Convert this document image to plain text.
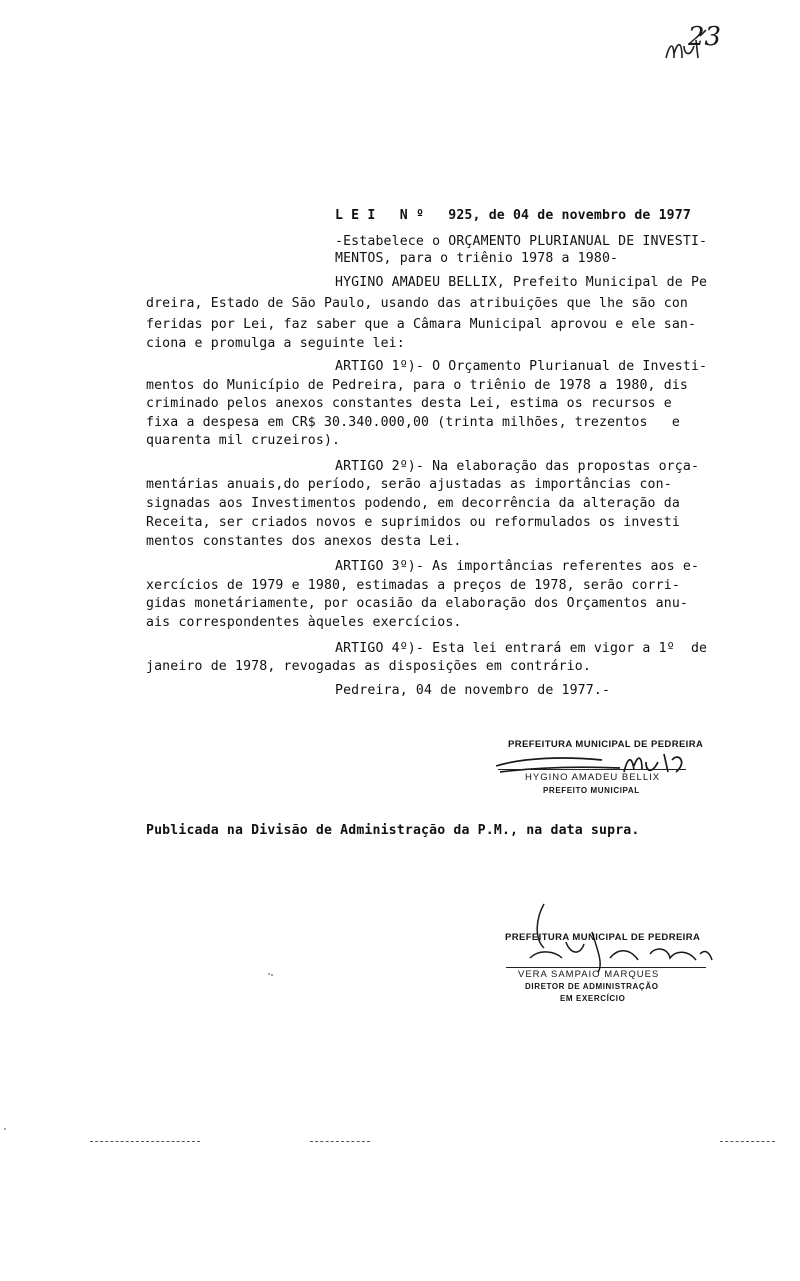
23
L E I   N º   925, de 04 de novembro de 1977
-Estabelece o ORÇAMENTO PLURIANUAL DE INVESTI-
MENTOS, para o triênio 1978 a 1980-
HYGINO AMADEU BELLIX, Prefeito Municipal de Pe
dreira, Estado de São Paulo, usando das atribuições que lhe são con
feridas por Lei, faz saber que a Câmara Municipal aprovou e ele san-
ciona e promulga a seguinte lei:
ARTIGO 1º)- O Orçamento Plurianual de Investi-
mentos do Município de Pedreira, para o triênio de 1978 a 1980, dis
criminado pelos anexos constantes desta Lei, estima os recursos e
fixa a despesa em CR$ 30.340.000,00 (trinta milhões, trezentos   e
quarenta mil cruzeiros).
ARTIGO 2º)- Na elaboração das propostas orça-
mentárias anuais,do período, serão ajustadas as importâncias con-
signadas aos Investimentos podendo, em decorrência da alteração da
Receita, ser criados novos e suprimidos ou reformulados os investi
mentos constantes dos anexos desta Lei.
ARTIGO 3º)- As importâncias referentes aos e-
xercícios de 1979 e 1980, estimadas a preços de 1978, serão corri-
gidas monetáriamente, por ocasião da elaboração dos Orçamentos anu-
ais correspondentes àqueles exercícios.
ARTIGO 4º)- Esta lei entrará em vigor a 1º  de
janeiro de 1978, revogadas as disposições em contrário.
Pedreira, 04 de novembro de 1977.-
PREFEITURA MUNICIPAL DE PEDREIRA
HYGINO AMADEU BELLIX
PREFEITO MUNICIPAL
Publicada na Divisão de Administração da P.M., na data supra.
PREFEITURA MUNICIPAL DE PEDREIRA
VERA SAMPAIO MARQUES
DIRETOR DE ADMINISTRAÇÃO
EM EXERCÍCIO
